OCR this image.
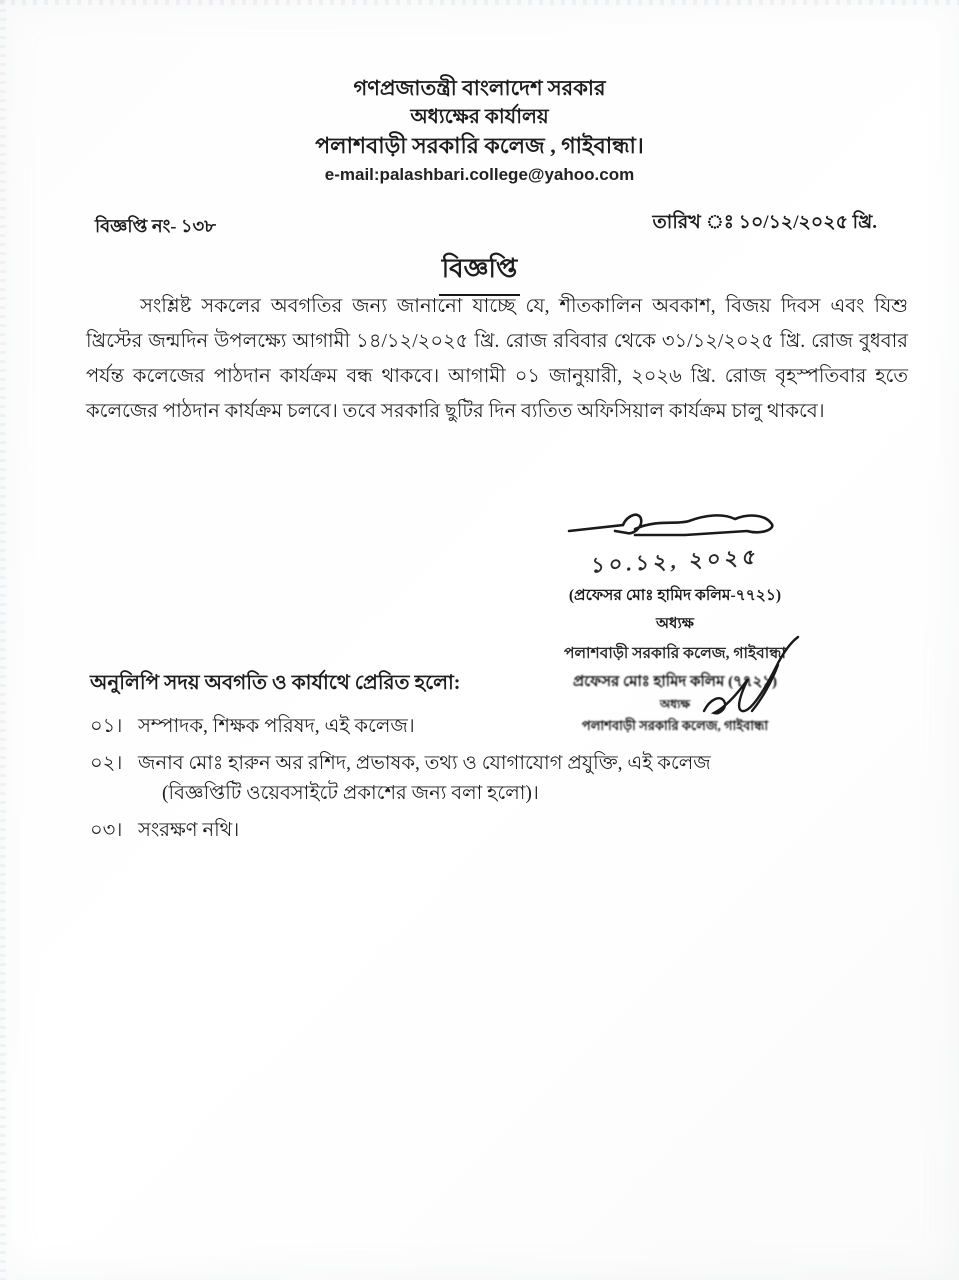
গণপ্রজাতন্ত্রী বাংলাদেশ সরকার
অধ্যক্ষের কার্যালয়
পলাশবাড়ী সরকারি কলেজ , গাইবান্ধা।
e-mail:palashbari.college@yahoo.com
বিজ্ঞপ্তি নং- ১৩৮	তারিখ ঃ ১০/১২/২০২৫ খ্রি.
বিজ্ঞপ্তি
সংশ্লিষ্ট সকলের অবগতির জন্য জানানো যাচ্ছে যে, শীতকালিন অবকাশ, বিজয় দিবস এবং যিশু খ্রিস্টের জন্মদিন উপলক্ষ্যে আগামী ১৪/১২/২০২৫ খ্রি. রোজ রবিবার থেকে ৩১/১২/২০২৫ খ্রি. রোজ বুধবার পর্যন্ত কলেজের পাঠদান কার্যক্রম বন্ধ থাকবে। আগামী ০১ জানুয়ারী, ২০২৬ খ্রি. রোজ বৃহস্পতিবার হতে কলেজের পাঠদান কার্যক্রম চলবে। তবে সরকারি ছুটির দিন ব্যতিত অফিসিয়াল কার্যক্রম চালু থাকবে।
১০.১২, ২০২৫
(প্রফেসর মোঃ হামিদ কলিম-৭৭২১)
অধ্যক্ষ
পলাশবাড়ী সরকারি কলেজ, গাইবান্ধা
প্রফেসর মোঃ হামিদ কলিম (৭৭২১)
অধ্যক্ষ
পলাশবাড়ী সরকারি কলেজ, গাইবান্ধা
অনুলিপি সদয় অবগতি ও কার্যাথে প্রেরিত হলো:
০১। সম্পাদক, শিক্ষক পরিষদ, এই কলেজ।
০২। জনাব মোঃ হারুন অর রশিদ, প্রভাষক, তথ্য ও যোগাযোগ প্রযুক্তি, এই কলেজ
(বিজ্ঞপ্তিটি ওয়েবসাইটে প্রকাশের জন্য বলা হলো)।
০৩। সংরক্ষণ নথি।
